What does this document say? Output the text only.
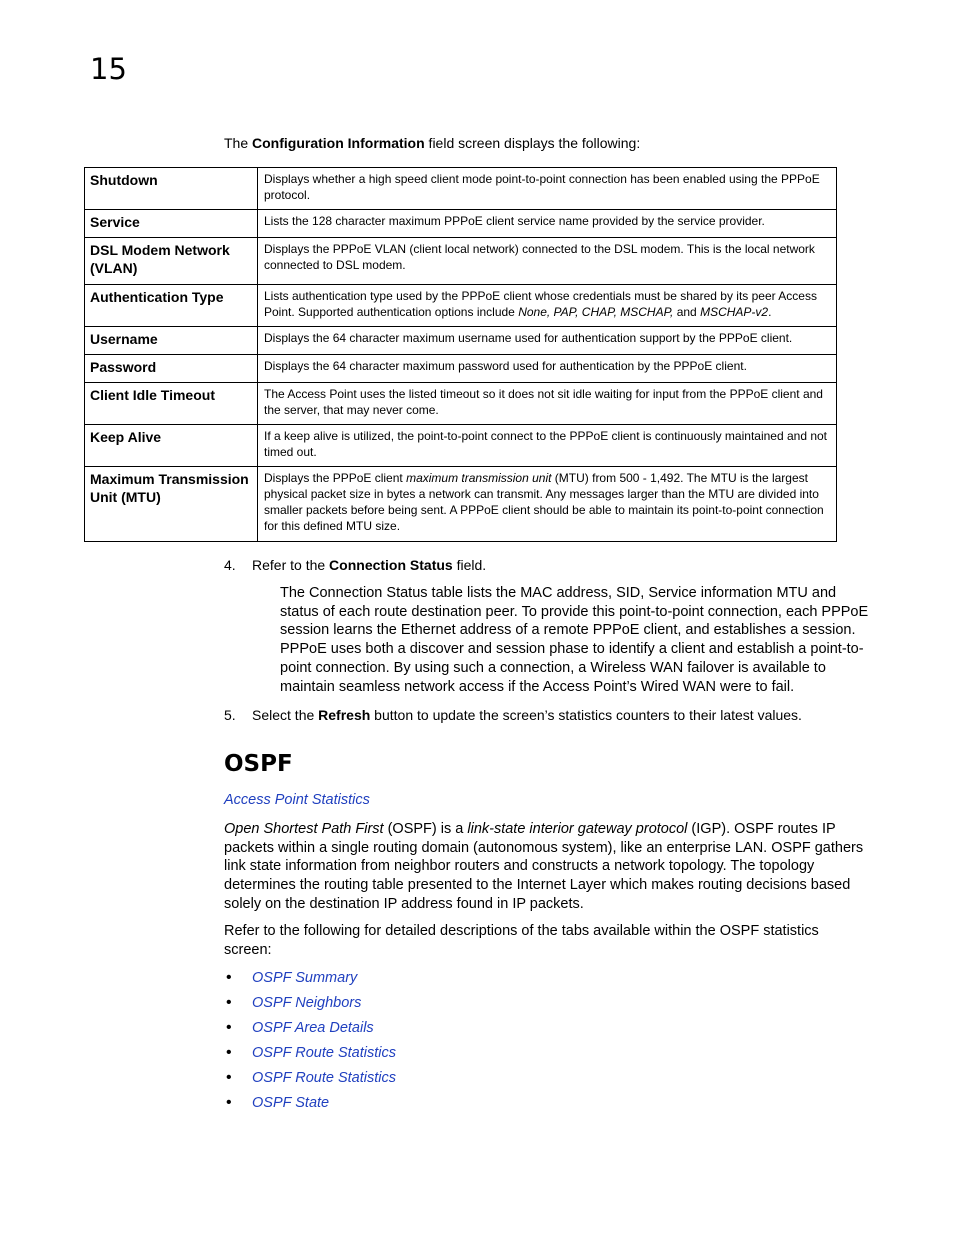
15
The Configuration Information field screen displays the following:
Shutdown	Displays whether a high speed client mode point-to-point connection has been enabled using the PPPoE protocol.
Service	Lists the 128 character maximum PPPoE client service name provided by the service provider.
DSL Modem Network (VLAN)	Displays the PPPoE VLAN (client local network) connected to the DSL modem. This is the local network connected to DSL modem.
Authentication Type	Lists authentication type used by the PPPoE client whose credentials must be shared by its peer Access Point. Supported authentication options include None, PAP, CHAP, MSCHAP, and MSCHAP-v2.
Username	Displays the 64 character maximum username used for authentication support by the PPPoE client.
Password	Displays the 64 character maximum password used for authentication by the PPPoE client.
Client Idle Timeout	The Access Point uses the listed timeout so it does not sit idle waiting for input from the PPPoE client and the server, that may never come.
Keep Alive	If a keep alive is utilized, the point-to-point connect to the PPPoE client is continuously maintained and not timed out.
Maximum Transmission Unit (MTU)	Displays the PPPoE client maximum transmission unit (MTU) from 500 - 1,492. The MTU is the largest physical packet size in bytes a network can transmit. Any messages larger than the MTU are divided into smaller packets before being sent. A PPPoE client should be able to maintain its point-to-point connection for this defined MTU size.
4. Refer to the Connection Status field.
The Connection Status table lists the MAC address, SID, Service information MTU and status of each route destination peer. To provide this point-to-point connection, each PPPoE session learns the Ethernet address of a remote PPPoE client, and establishes a session. PPPoE uses both a discover and session phase to identify a client and establish a point-to-point connection. By using such a connection, a Wireless WAN failover is available to maintain seamless network access if the Access Point’s Wired WAN were to fail.
5. Select the Refresh button to update the screen’s statistics counters to their latest values.
OSPF
Access Point Statistics
Open Shortest Path First (OSPF) is a link-state interior gateway protocol (IGP). OSPF routes IP packets within a single routing domain (autonomous system), like an enterprise LAN. OSPF gathers link state information from neighbor routers and constructs a network topology. The topology determines the routing table presented to the Internet Layer which makes routing decisions based solely on the destination IP address found in IP packets.
Refer to the following for detailed descriptions of the tabs available within the OSPF statistics screen:
• OSPF Summary
• OSPF Neighbors
• OSPF Area Details
• OSPF Route Statistics
• OSPF Route Statistics
• OSPF State
